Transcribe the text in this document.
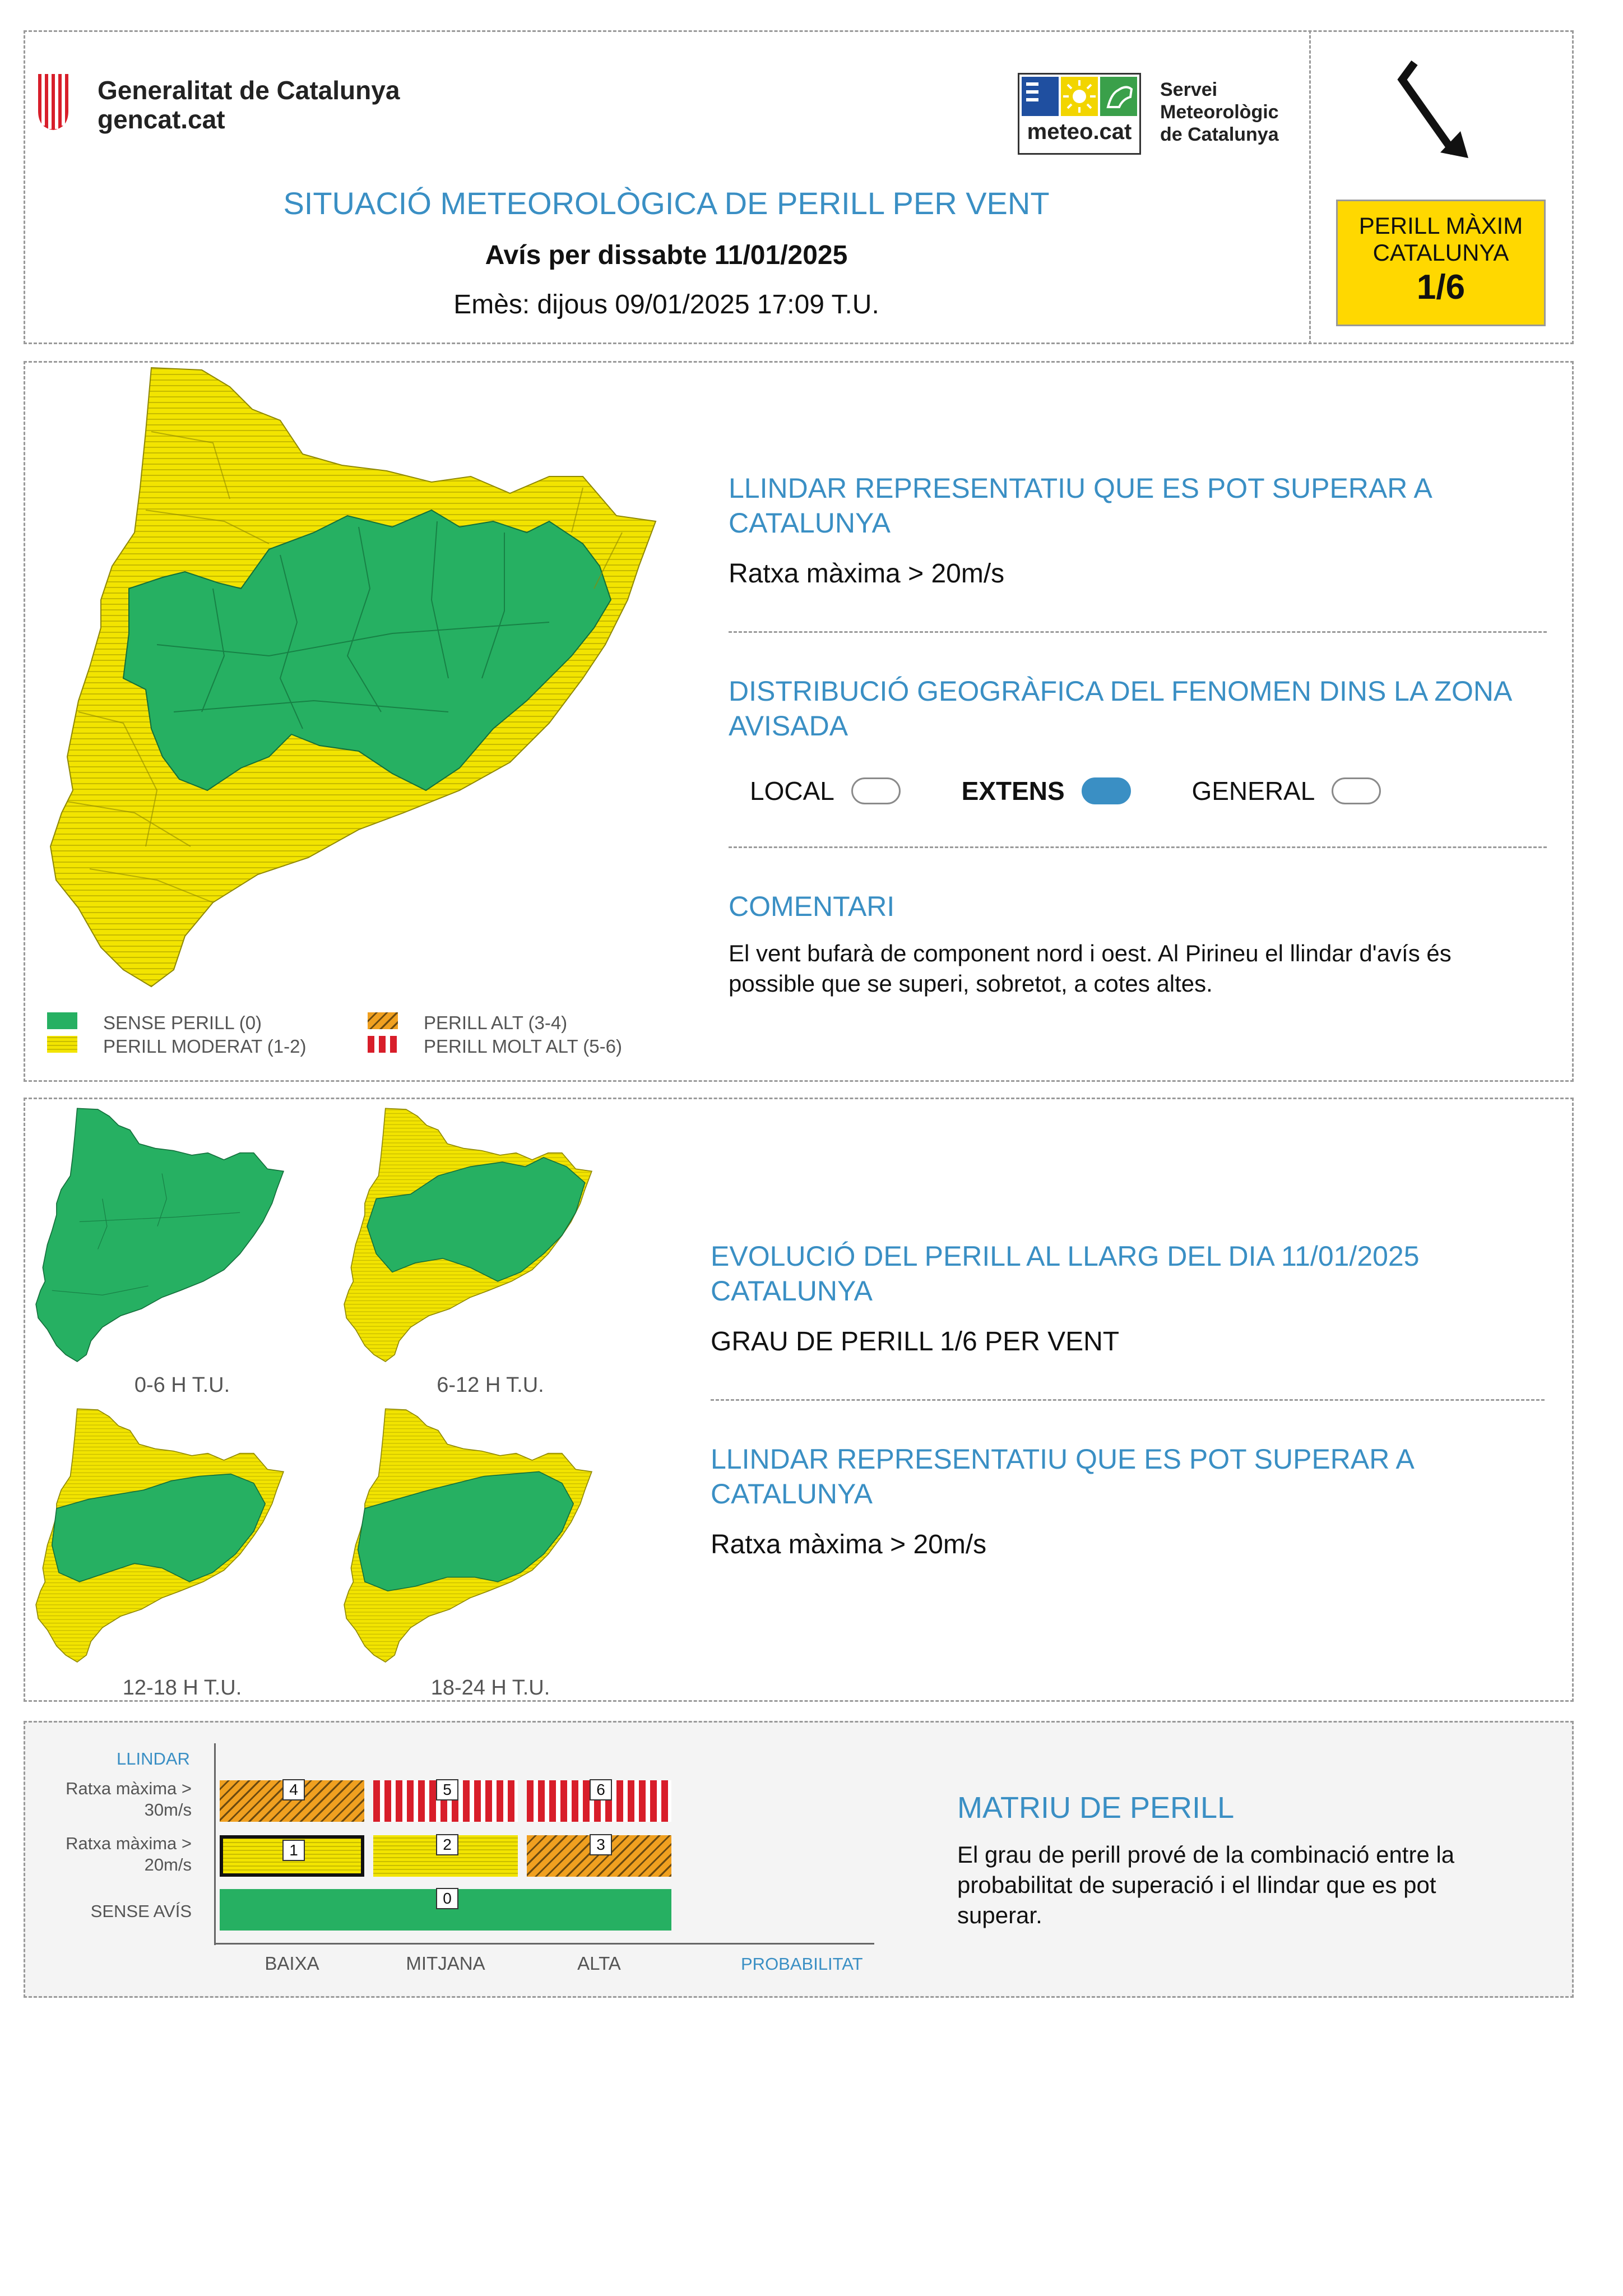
Generalitat de Catalunya
gencat.cat	meteo.cat
Servei
Meteorològic
de Catalunya
SITUACIÓ METEOROLÒGICA DE PERILL PER VENT
Avís per dissabte 11/01/2025
Emès: dijous 09/01/2025 17:09 T.U.
PERILL MÀXIM
CATALUNYA
1/6
SENSE PERILL (0)
PERILL MODERAT (1-2)
PERILL ALT (3-4)
PERILL MOLT ALT (5-6)
LLINDAR REPRESENTATIU QUE ES POT SUPERAR A CATALUNYA
Ratxa màxima > 20m/s
DISTRIBUCIÓ GEOGRÀFICA DEL FENOMEN DINS LA ZONA AVISADA
LOCAL	EXTENS	GENERAL
COMENTARI
El vent bufarà de component nord i oest. Al Pirineu el llindar d'avís és possible que se superi, sobretot, a cotes altes.
0-6 H T.U.	6-12 H T.U.
12-18 H T.U.	18-24 H T.U.
EVOLUCIÓ DEL PERILL AL LLARG DEL DIA 11/01/2025 CATALUNYA
GRAU DE PERILL 1/6 PER VENT
LLINDAR REPRESENTATIU QUE ES POT SUPERAR A CATALUNYA
Ratxa màxima > 20m/s
LLINDAR
Ratxa màxima > 30m/s
Ratxa màxima > 20m/s
SENSE AVÍS
4	5	6
1	2	3
0
BAIXA	MITJANA	ALTA	PROBABILITAT
MATRIU DE PERILL
El grau de perill prové de la combinació entre la probabilitat de superació i el llindar que es pot superar.
